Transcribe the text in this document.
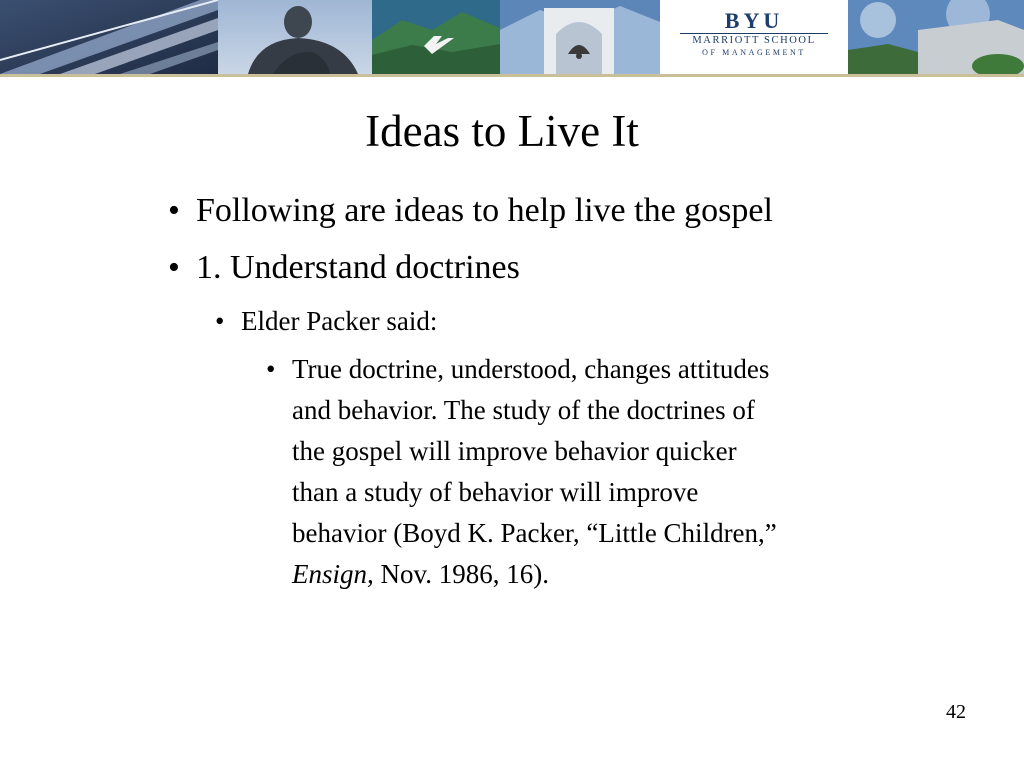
BYU
MARRIOTT SCHOOL
OF MANAGEMENT
Ideas to Live It
• Following are ideas to help live the gospel
• 1. Understand doctrines
• Elder Packer said:
• True doctrine, understood, changes attitudes
and behavior. The study of the doctrines of
the gospel will improve behavior quicker
than a study of behavior will improve
behavior (Boyd K. Packer, “Little Children,”
Ensign, Nov. 1986, 16).
42
